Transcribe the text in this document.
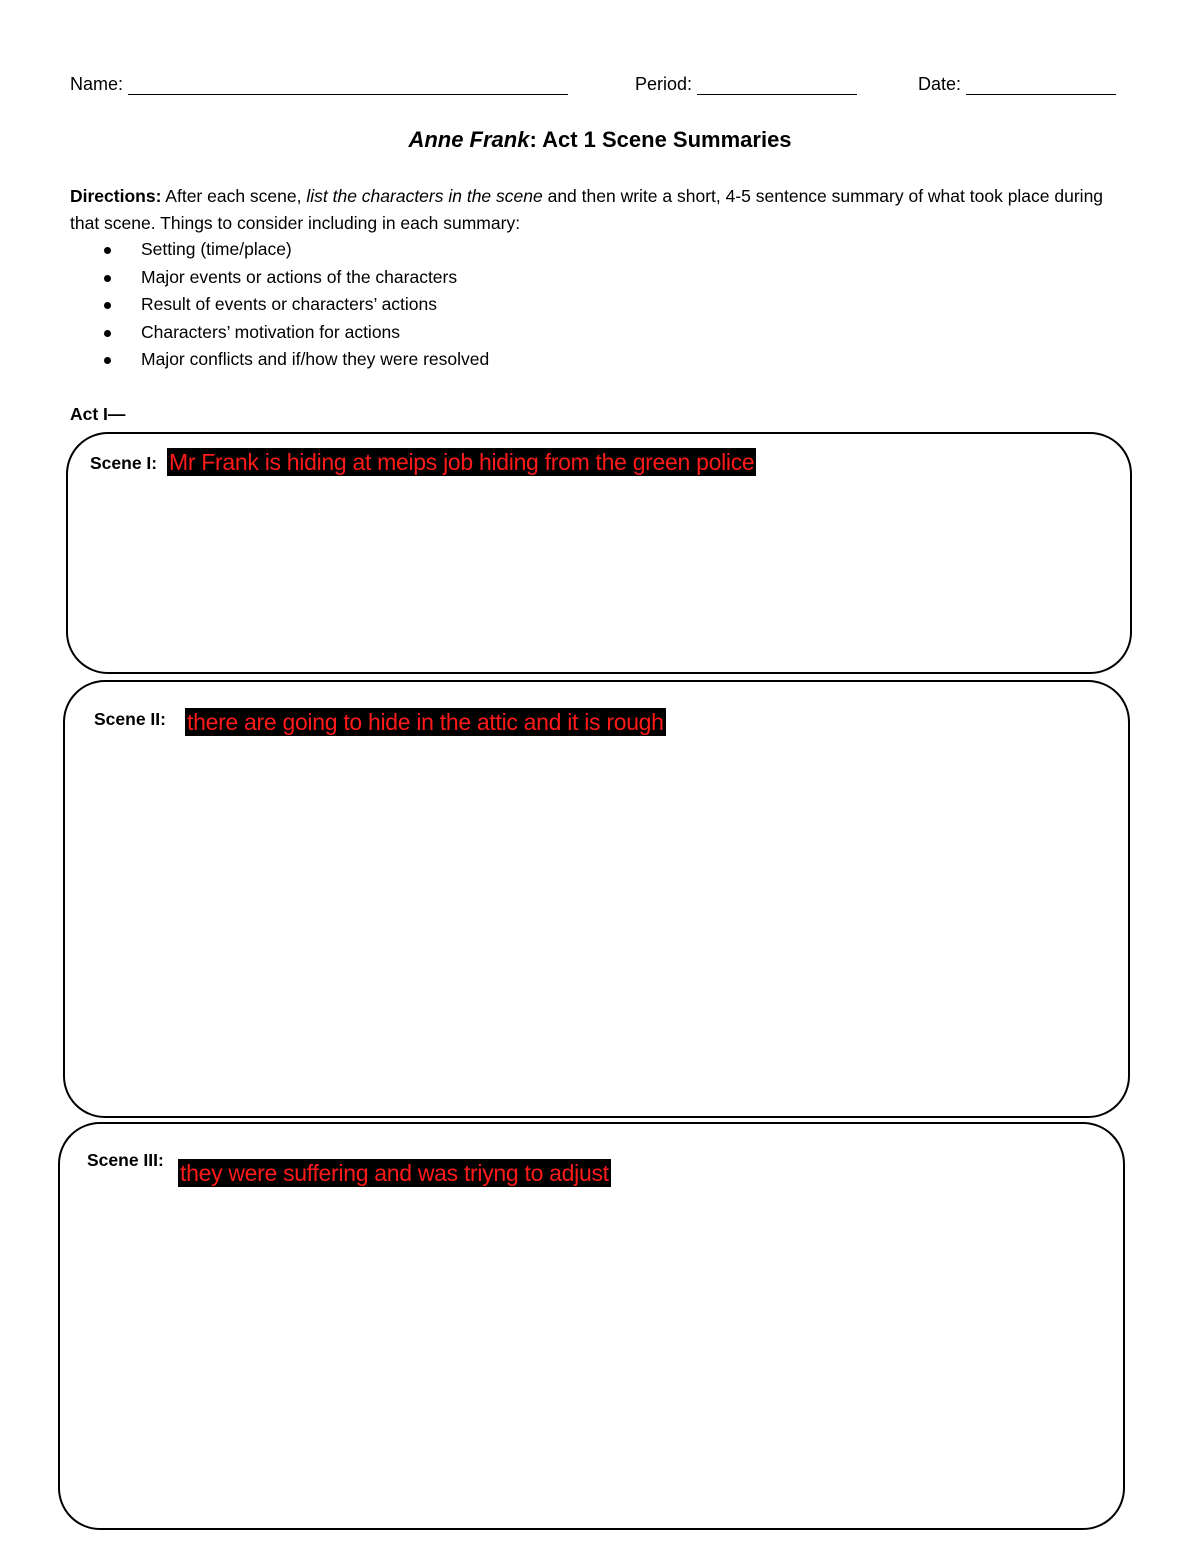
Name:	Period:	Date:
Anne Frank: Act 1 Scene Summaries
Directions: After each scene, list the characters in the scene and then write a short, 4-5 sentence summary of what took place during that scene. Things to consider including in each summary:
Setting (time/place)
Major events or actions of the characters
Result of events or characters’ actions
Characters’ motivation for actions
Major conflicts and if/how they were resolved
Act I—
Scene I: Mr Frank is hiding at meips job hiding from the green police
Scene II: there are going to hide in the attic and it is rough
Scene III: they were suffering and was triyng to adjust
